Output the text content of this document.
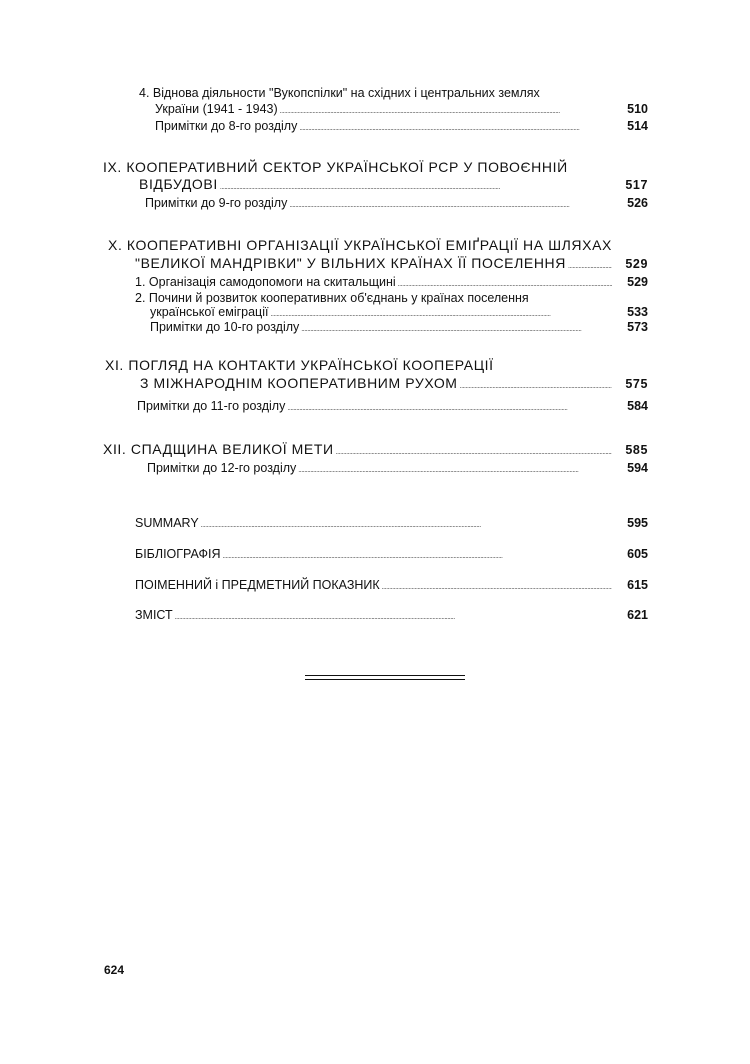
4. Віднова діяльности "Вукопспілки" на східних і центральних землях
України (1941 - 1943) . . .	510
Примітки до 8-го розділу . . .	514
IX. КООПЕРАТИВНИЙ СЕКТОР УКРАЇНСЬКОЇ РСР У ПОВОЄННІЙ
ВІДБУДОВІ . . .	517
Примітки до 9-го розділу . . .	526
X. КООПЕРАТИВНІ ОРГАНІЗАЦІЇ УКРАЇНСЬКОЇ ЕМІҐРАЦІЇ НА ШЛЯХАХ
"ВЕЛИКОЇ МАНДРІВКИ" У ВІЛЬНИХ КРАЇНАХ ЇЇ ПОСЕЛЕННЯ . . .	529
1. Організація самодопомоги на скитальщині . . .	529
2. Почини й розвиток кооперативних об'єднань у країнах поселення
української еміграції . . .	533
Примітки до 10-го розділу . . .	573
XI. ПОГЛЯД НА КОНТАКТИ УКРАЇНСЬКОЇ КООПЕРАЦІЇ
З МІЖНАРОДНІМ КООПЕРАТИВНИМ РУХОМ . . .	575
Примітки до 11-го розділу . . .	584
XII. СПАДЩИНА ВЕЛИКОЇ МЕТИ . . .	585
Примітки до 12-го розділу . . .	594
SUMMARY . . .	595
БІБЛІОГРАФІЯ . . .	605
ПОІМЕННИЙ і ПРЕДМЕТНИЙ ПОКАЗНИК . . .	615
ЗМІСТ . . .	621
624
